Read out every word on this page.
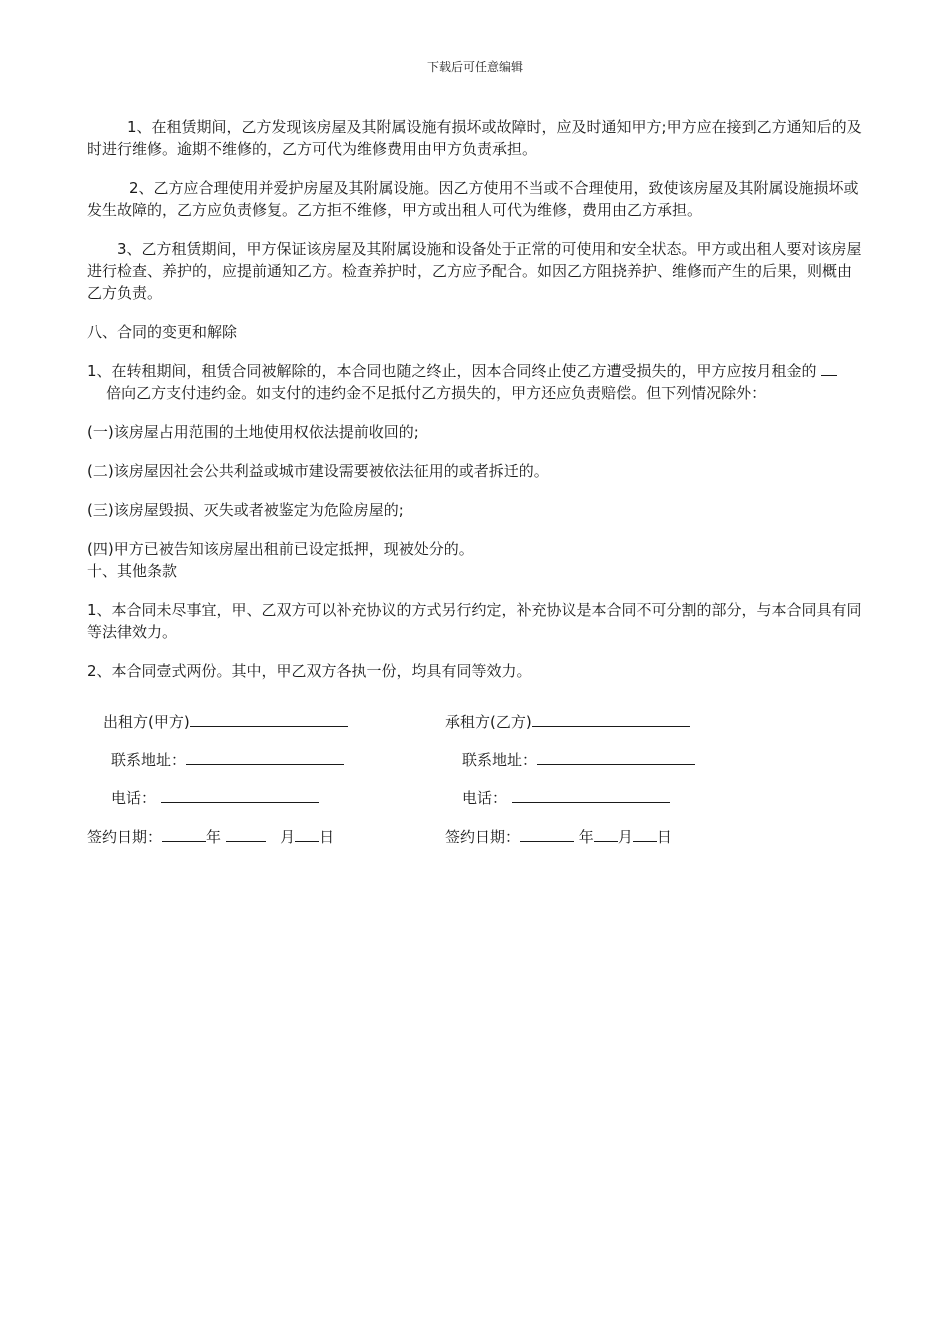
下载后可任意编辑

1、在租赁期间，乙方发现该房屋及其附属设施有损坏或故障时，应及时通知甲方;甲方应在接到乙方通知后的及时进行维修。逾期不维修的，乙方可代为维修费用由甲方负责承担。

2、乙方应合理使用并爱护房屋及其附属设施。因乙方使用不当或不合理使用，致使该房屋及其附属设施损坏或发生故障的，乙方应负责修复。乙方拒不维修，甲方或出租人可代为维修，费用由乙方承担。

3、乙方租赁期间，甲方保证该房屋及其附属设施和设备处于正常的可使用和安全状态。甲方或出租人要对该房屋进行检查、养护的，应提前通知乙方。检查养护时，乙方应予配合。如因乙方阻挠养护、维修而产生的后果，则概由乙方负责。

八、合同的变更和解除

1、在转租期间，租赁合同被解除的，本合同也随之终止，因本合同终止使乙方遭受损失的，甲方应按月租金的     倍向乙方支付违约金。如支付的违约金不足抵付乙方损失的，甲方还应负责赔偿。但下列情况除外：

(一)该房屋占用范围的土地使用权依法提前收回的;

(二)该房屋因社会公共利益或城市建设需要被依法征用的或者拆迁的。

(三)该房屋毁损、灭失或者被鉴定为危险房屋的;

(四)甲方已被告知该房屋出租前已设定抵押，现被处分的。

十、其他条款

1、本合同未尽事宜，甲、乙双方可以补充协议的方式另行约定，补充协议是本合同不可分割的部分，与本合同具有同等法律效力。

2、本合同壹式两份。其中，甲乙双方各执一份，均具有同等效力。

出租方(甲方)	承租方(乙方)
联系地址：	联系地址：
电话：	电话：
签约日期：	年	月 日	签约日期：	年 月 日
